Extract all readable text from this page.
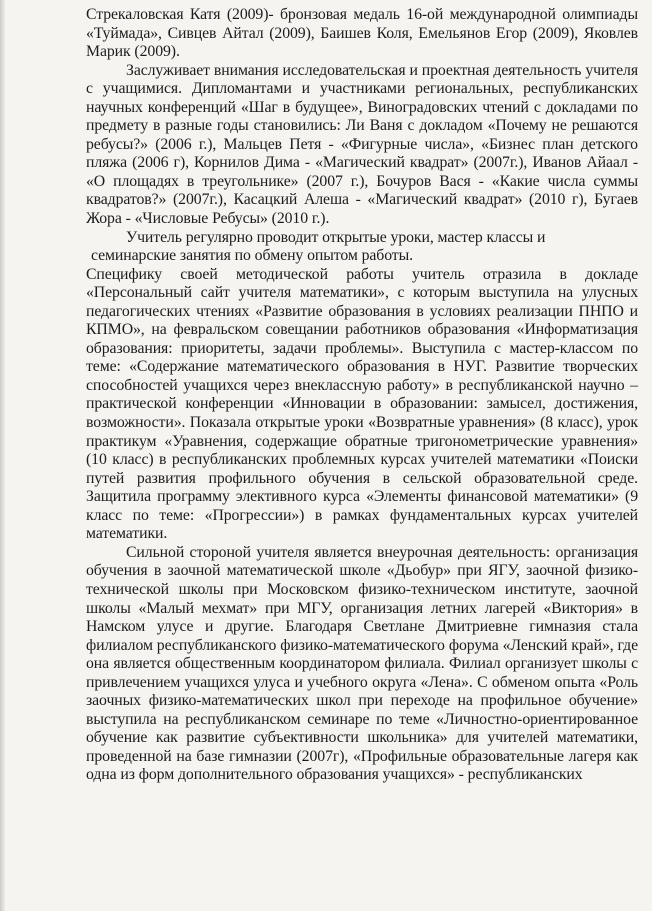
Стрекаловская Катя (2009)- бронзовая медаль 16-ой международной олимпиады «Туймада», Сивцев Айтал (2009), Баишев Коля, Емельянов Егор (2009), Яковлев Марик (2009).

Заслуживает внимания исследовательская и проектная деятельность учителя с учащимися. Дипломантами и участниками региональных, республиканских научных конференций «Шаг в будущее», Виноградовских чтений с докладами по предмету в разные годы становились: Ли Ваня с докладом «Почему не решаются ребусы?» (2006 г.), Мальцев Петя - «Фигурные числа», «Бизнес план детского пляжа (2006 г), Корнилов Дима - «Магический квадрат» (2007г.), Иванов Айаал - «О площадях в треугольнике» (2007 г.), Бочуров Вася - «Какие числа суммы квадратов?» (2007г.), Касацкий Алеша - «Магический квадрат» (2010 г), Бугаев Жора - «Числовые Ребусы» (2010 г.).

Учитель регулярно проводит открытые уроки, мастер классы и

семинарские занятия по обмену опытом работы.

Специфику своей методической работы учитель отразила в докладе «Персональный сайт учителя математики», с которым выступила на улусных педагогических чтениях «Развитие образования в условиях реализации ПНПО и КПМО», на февральском совещании работников образования «Информатизация образования: приоритеты, задачи проблемы». Выступила с мастер-классом по теме: «Содержание математического образования в НУГ. Развитие творческих способностей учащихся через внеклассную работу» в республиканской научно – практической конференции «Инновации в образовании: замысел, достижения, возможности». Показала открытые уроки «Возвратные уравнения» (8 класс), урок практикум «Уравнения, содержащие обратные тригонометрические уравнения» (10 класс) в республиканских проблемных курсах учителей математики «Поиски путей развития профильного обучения в сельской образовательной среде. Защитила программу элективного курса «Элементы финансовой математики» (9 класс по теме: «Прогрессии») в рамках фундаментальных курсах учителей математики.

Сильной стороной учителя является внеурочная деятельность: организация обучения в заочной математической школе «Дьобур» при ЯГУ, заочной физико-технической школы при Московском физико-техническом институте, заочной школы «Малый мехмат» при МГУ, организация летних лагерей «Виктория» в Намском улусе и другие. Благодаря Светлане Дмитриевне гимназия стала филиалом республиканского физико-математического форума «Ленский край», где она является общественным координатором филиала. Филиал организует школы с привлечением учащихся улуса и учебного округа «Лена». С обменом опыта «Роль заочных физико-математических школ при переходе на профильное обучение» выступила на республиканском семинаре по теме «Личностно-ориентированное обучение как развитие субъективности школьника» для учителей математики, проведенной на базе гимназии (2007г), «Профильные образовательные лагеря как одна из форм дополнительного образования учащихся» - республиканских
